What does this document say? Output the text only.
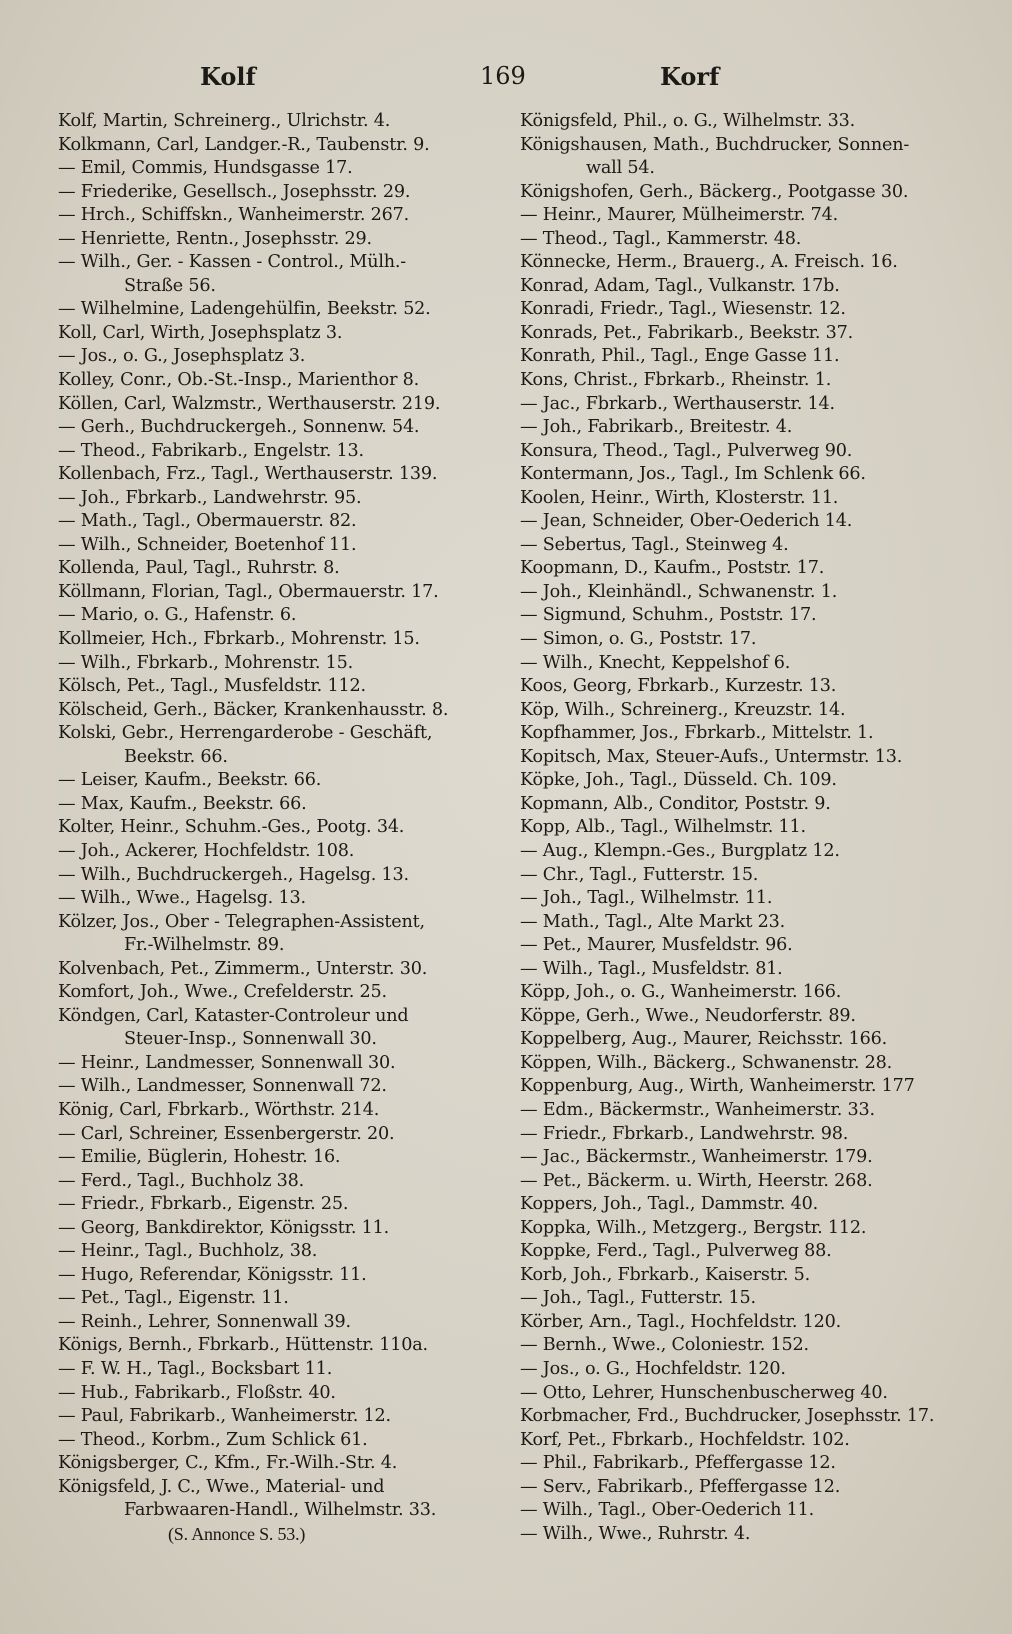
Kolf	169	Korf
Kolf, Martin, Schreinerg., Ulrichstr. 4.
Kolkmann, Carl, Landger.-R., Taubenstr. 9.
— Emil, Commis, Hundsgasse 17.
— Friederike, Gesellsch., Josephsstr. 29.
— Hrch., Schiffskn., Wanheimerstr. 267.
— Henriette, Rentn., Josephsstr. 29.
— Wilh., Ger. - Kassen - Control., Mülh.-
Straße 56.
— Wilhelmine, Ladengehülfin, Beekstr. 52.
Koll, Carl, Wirth, Josephsplatz 3.
— Jos., o. G., Josephsplatz 3.
Kolley, Conr., Ob.-St.-Insp., Marienthor 8.
Köllen, Carl, Walzmstr., Werthauserstr. 219.
— Gerh., Buchdruckergeh., Sonnenw. 54.
— Theod., Fabrikarb., Engelstr. 13.
Kollenbach, Frz., Tagl., Werthauserstr. 139.
— Joh., Fbrkarb., Landwehrstr. 95.
— Math., Tagl., Obermauerstr. 82.
— Wilh., Schneider, Boetenhof 11.
Kollenda, Paul, Tagl., Ruhrstr. 8.
Köllmann, Florian, Tagl., Obermauerstr. 17.
— Mario, o. G., Hafenstr. 6.
Kollmeier, Hch., Fbrkarb., Mohrenstr. 15.
— Wilh., Fbrkarb., Mohrenstr. 15.
Kölsch, Pet., Tagl., Musfeldstr. 112.
Kölscheid, Gerh., Bäcker, Krankenhausstr. 8.
Kolski, Gebr., Herrengarderobe - Geschäft,
Beekstr. 66.
— Leiser, Kaufm., Beekstr. 66.
— Max, Kaufm., Beekstr. 66.
Kolter, Heinr., Schuhm.-Ges., Pootg. 34.
— Joh., Ackerer, Hochfeldstr. 108.
— Wilh., Buchdruckergeh., Hagelsg. 13.
— Wilh., Wwe., Hagelsg. 13.
Kölzer, Jos., Ober - Telegraphen-Assistent,
Fr.-Wilhelmstr. 89.
Kolvenbach, Pet., Zimmerm., Unterstr. 30.
Komfort, Joh., Wwe., Crefelderstr. 25.
Köndgen, Carl, Kataster-Controleur und
Steuer-Insp., Sonnenwall 30.
— Heinr., Landmesser, Sonnenwall 30.
— Wilh., Landmesser, Sonnenwall 72.
König, Carl, Fbrkarb., Wörthstr. 214.
— Carl, Schreiner, Essenbergerstr. 20.
— Emilie, Büglerin, Hohestr. 16.
— Ferd., Tagl., Buchholz 38.
— Friedr., Fbrkarb., Eigenstr. 25.
— Georg, Bankdirektor, Königsstr. 11.
— Heinr., Tagl., Buchholz, 38.
— Hugo, Referendar, Königsstr. 11.
— Pet., Tagl., Eigenstr. 11.
— Reinh., Lehrer, Sonnenwall 39.
Königs, Bernh., Fbrkarb., Hüttenstr. 110a.
— F. W. H., Tagl., Bocksbart 11.
— Hub., Fabrikarb., Floßstr. 40.
— Paul, Fabrikarb., Wanheimerstr. 12.
— Theod., Korbm., Zum Schlick 61.
Königsberger, C., Kfm., Fr.-Wilh.-Str. 4.
Königsfeld, J. C., Wwe., Material- und
Farbwaaren-Handl., Wilhelmstr. 33.
(S. Annonce S. 53.)
Königsfeld, Phil., o. G., Wilhelmstr. 33.
Königshausen, Math., Buchdrucker, Sonnen-
wall 54.
Königshofen, Gerh., Bäckerg., Pootgasse 30.
— Heinr., Maurer, Mülheimerstr. 74.
— Theod., Tagl., Kammerstr. 48.
Könnecke, Herm., Brauerg., A. Freisch. 16.
Konrad, Adam, Tagl., Vulkanstr. 17b.
Konradi, Friedr., Tagl., Wiesenstr. 12.
Konrads, Pet., Fabrikarb., Beekstr. 37.
Konrath, Phil., Tagl., Enge Gasse 11.
Kons, Christ., Fbrkarb., Rheinstr. 1.
— Jac., Fbrkarb., Werthauserstr. 14.
— Joh., Fabrikarb., Breitestr. 4.
Konsura, Theod., Tagl., Pulverweg 90.
Kontermann, Jos., Tagl., Im Schlenk 66.
Koolen, Heinr., Wirth, Klosterstr. 11.
— Jean, Schneider, Ober-Oederich 14.
— Sebertus, Tagl., Steinweg 4.
Koopmann, D., Kaufm., Poststr. 17.
— Joh., Kleinhändl., Schwanenstr. 1.
— Sigmund, Schuhm., Poststr. 17.
— Simon, o. G., Poststr. 17.
— Wilh., Knecht, Keppelshof 6.
Koos, Georg, Fbrkarb., Kurzestr. 13.
Köp, Wilh., Schreinerg., Kreuzstr. 14.
Kopfhammer, Jos., Fbrkarb., Mittelstr. 1.
Kopitsch, Max, Steuer-Aufs., Untermstr. 13.
Köpke, Joh., Tagl., Düsseld. Ch. 109.
Kopmann, Alb., Conditor, Poststr. 9.
Kopp, Alb., Tagl., Wilhelmstr. 11.
— Aug., Klempn.-Ges., Burgplatz 12.
— Chr., Tagl., Futterstr. 15.
— Joh., Tagl., Wilhelmstr. 11.
— Math., Tagl., Alte Markt 23.
— Pet., Maurer, Musfeldstr. 96.
— Wilh., Tagl., Musfeldstr. 81.
Köpp, Joh., o. G., Wanheimerstr. 166.
Köppe, Gerh., Wwe., Neudorferstr. 89.
Koppelberg, Aug., Maurer, Reichsstr. 166.
Köppen, Wilh., Bäckerg., Schwanenstr. 28.
Koppenburg, Aug., Wirth, Wanheimerstr. 177
— Edm., Bäckermstr., Wanheimerstr. 33.
— Friedr., Fbrkarb., Landwehrstr. 98.
— Jac., Bäckermstr., Wanheimerstr. 179.
— Pet., Bäckerm. u. Wirth, Heerstr. 268.
Koppers, Joh., Tagl., Dammstr. 40.
Koppka, Wilh., Metzgerg., Bergstr. 112.
Koppke, Ferd., Tagl., Pulverweg 88.
Korb, Joh., Fbrkarb., Kaiserstr. 5.
— Joh., Tagl., Futterstr. 15.
Körber, Arn., Tagl., Hochfeldstr. 120.
— Bernh., Wwe., Coloniestr. 152.
— Jos., o. G., Hochfeldstr. 120.
— Otto, Lehrer, Hunschenbuscherweg 40.
Korbmacher, Frd., Buchdrucker, Josephsstr. 17.
Korf, Pet., Fbrkarb., Hochfeldstr. 102.
— Phil., Fabrikarb., Pfeffergasse 12.
— Serv., Fabrikarb., Pfeffergasse 12.
— Wilh., Tagl., Ober-Oederich 11.
— Wilh., Wwe., Ruhrstr. 4.
